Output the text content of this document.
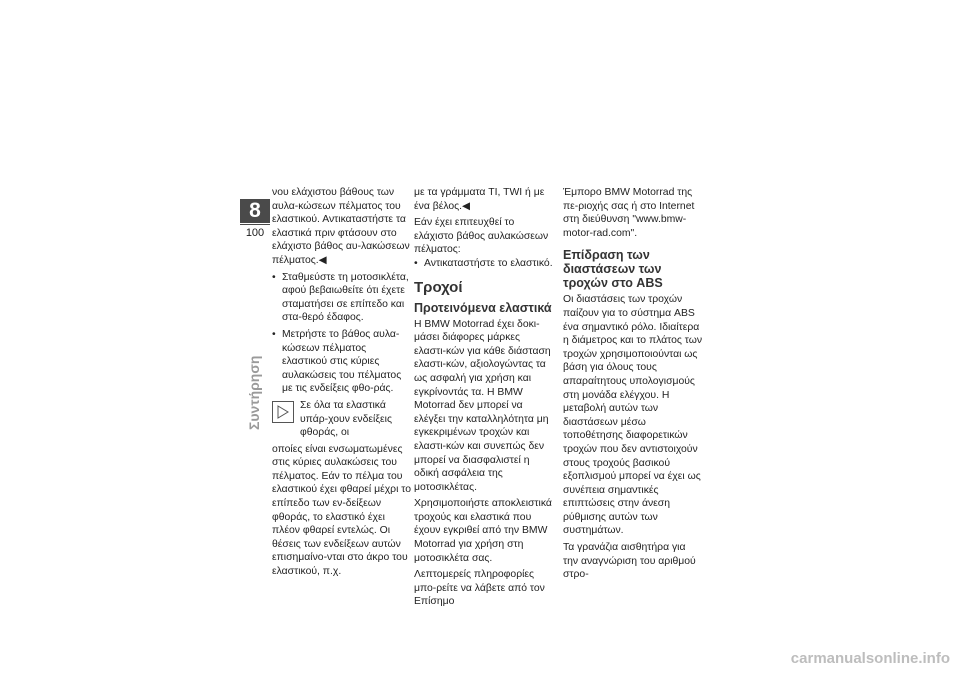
8
100
Συντήρηση

νου ελάχιστου βάθους των αυλα-κώσεων πέλματος του ελαστικού. Αντικαταστήστε τα ελαστικά πριν φτάσουν στο ελάχιστο βάθος αυ-λακώσεων πέλματος.◀

• Σταθμεύστε τη μοτοσικλέτα, αφού βεβαιωθείτε ότι έχετε σταματήσει σε επίπεδο και στα-θερό έδαφος.
• Μετρήστε το βάθος αυλα-κώσεων πέλματος ελαστικού στις κύριες αυλακώσεις του πέλματος με τις ενδείξεις φθο-ράς.

Σε όλα τα ελαστικά υπάρ-χουν ενδείξεις φθοράς, οι

οποίες είναι ενσωματωμένες στις κύριες αυλακώσεις του πέλματος. Εάν το πέλμα του ελαστικού έχει φθαρεί μέχρι το επίπεδο των εν-δείξεων φθοράς, το ελαστικό έχει πλέον φθαρεί εντελώς. Οι θέσεις των ενδείξεων αυτών επισημαίνο-νται στο άκρο του ελαστικού, π.χ.

με τα γράμματα TI, TWI ή με ένα βέλος.◀

Εάν έχει επιτευχθεί το ελάχιστο βάθος αυλακώσεων πέλματος:

• Αντικαταστήστε το ελαστικό.
Τροχοί
Προτεινόμενα ελαστικά

Η BMW Motorrad έχει δοκι-μάσει διάφορες μάρκες ελαστι-κών για κάθε διάσταση ελαστι-κών, αξιολογώντας τα ως ασφαλή για χρήση και εγκρίνοντάς τα. Η BMW Motorrad δεν μπορεί να ελέγξει την καταλληλότητα μη εγκεκριμένων τροχών και ελαστι-κών και συνεπώς δεν μπορεί να διασφαλιστεί η οδική ασφάλεια της μοτοσικλέτας.

Χρησιμοποιήστε αποκλειστικά τροχούς και ελαστικά που έχουν εγκριθεί από την BMW Motorrad για χρήση στη μοτοσικλέτα σας.

Λεπτομερείς πληροφορίες μπο-ρείτε να λάβετε από τον Επίσημο

Έμπορο BMW Motorrad της πε-ριοχής σας ή στο Internet στη διεύθυνση "www.bmw-motor-rad.com".

Επίδραση των διαστάσεων των τροχών στο ABS

Οι διαστάσεις των τροχών παίζουν για το σύστημα ABS ένα σημαντικό ρόλο. Ιδιαίτερα η διάμετρος και το πλάτος των τροχών χρησιμοποιούνται ως βάση για όλους τους απαραίτητους υπολογισμούς στη μονάδα ελέγχου. Η μεταβολή αυτών των διαστάσεων μέσω τοποθέτησης διαφορετικών τροχών που δεν αντιστοιχούν στους τροχούς βασικού εξοπλισμού μπορεί να έχει ως συνέπεια σημαντικές επιπτώσεις στην άνεση ρύθμισης αυτών των συστημάτων.

Τα γρανάζια αισθητήρα για την αναγνώριση του αριθμού στρο-

carmanualsonline.info
